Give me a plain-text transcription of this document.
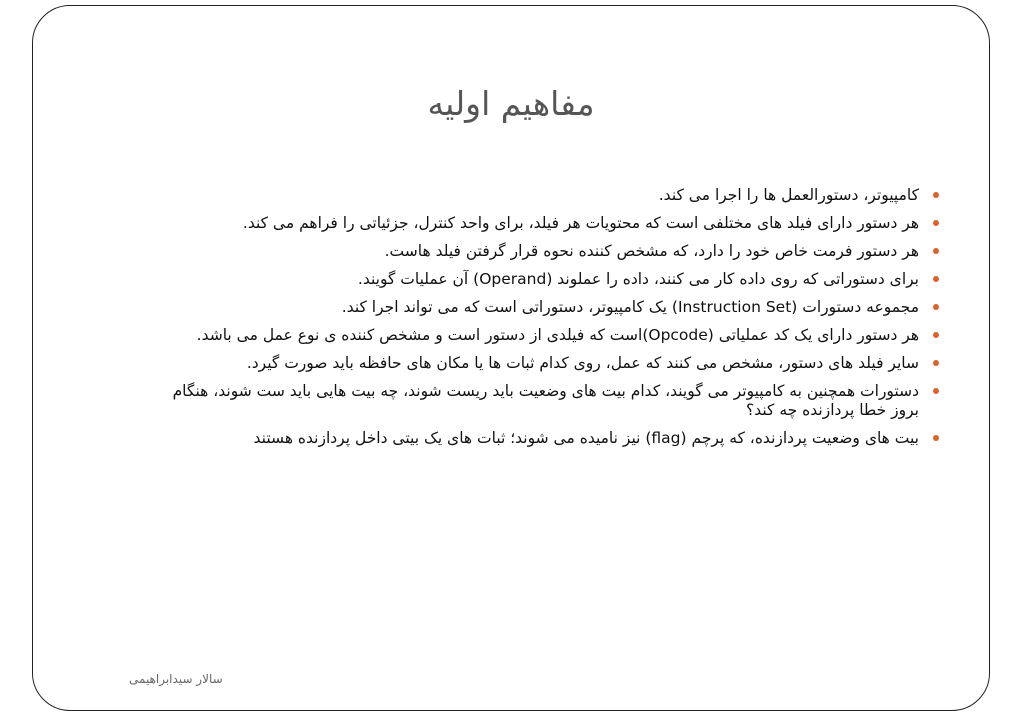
مفاهیم اولیه
کامپیوتر، دستورالعمل ها را اجرا می کند.
هر دستور دارای فیلد های مختلفی است که محتویات هر فیلد، برای واحد کنترل، جزئیاتی را فراهم می کند.
هر دستور فرمت خاص خود را دارد، که مشخص کننده نحوه قرار گرفتن فیلد هاست.
برای دستوراتی که روی داده کار می کنند، داده را عملوند (Operand) آن عملیات گویند.
مجموعه دستورات (Instruction Set) یک کامپیوتر، دستوراتی است که می تواند اجرا کند.
هر دستور دارای یک کد عملیاتی (Opcode)است که فیلدی از دستور است و مشخص کننده ی نوع عمل می باشد.
سایر فیلد های دستور، مشخص می کنند که عمل، روی کدام ثبات ها یا مکان های حافظه باید صورت گیرد.
دستورات همچنین به کامپیوتر می گویند، کدام بیت های وضعیت باید ریست شوند، چه بیت هایی باید ست شوند، هنگام بروز خطا پردازنده چه کند؟
بیت های وضعیت پردازنده، که پرچم (flag) نیز نامیده می شوند؛ ثبات های یک بیتی داخل پردازنده هستند

سالار سیدابراهیمی
